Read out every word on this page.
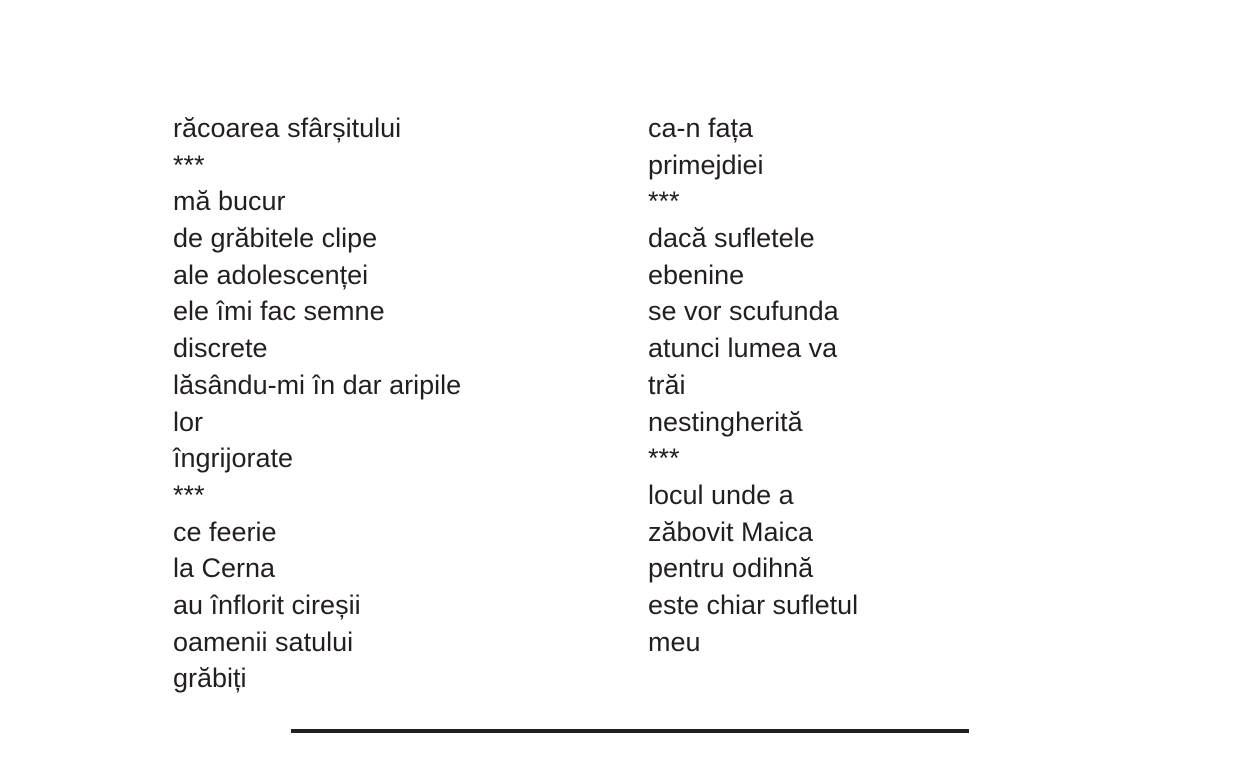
răcoarea sfârșitului
***
mă bucur
de grăbitele clipe
ale adolescenței
ele îmi fac semne
discrete
lăsându-mi în dar aripile
lor
îngrijorate
***
ce feerie
la Cerna
au înflorit cireșii
oamenii satului
grăbiți
ca-n fața
primejdiei
***
dacă sufletele
ebenine
se vor scufunda
atunci lumea va
trăi
nestingherită
***
locul unde a
zăbovit Maica
pentru odihnă
este chiar sufletul
meu
